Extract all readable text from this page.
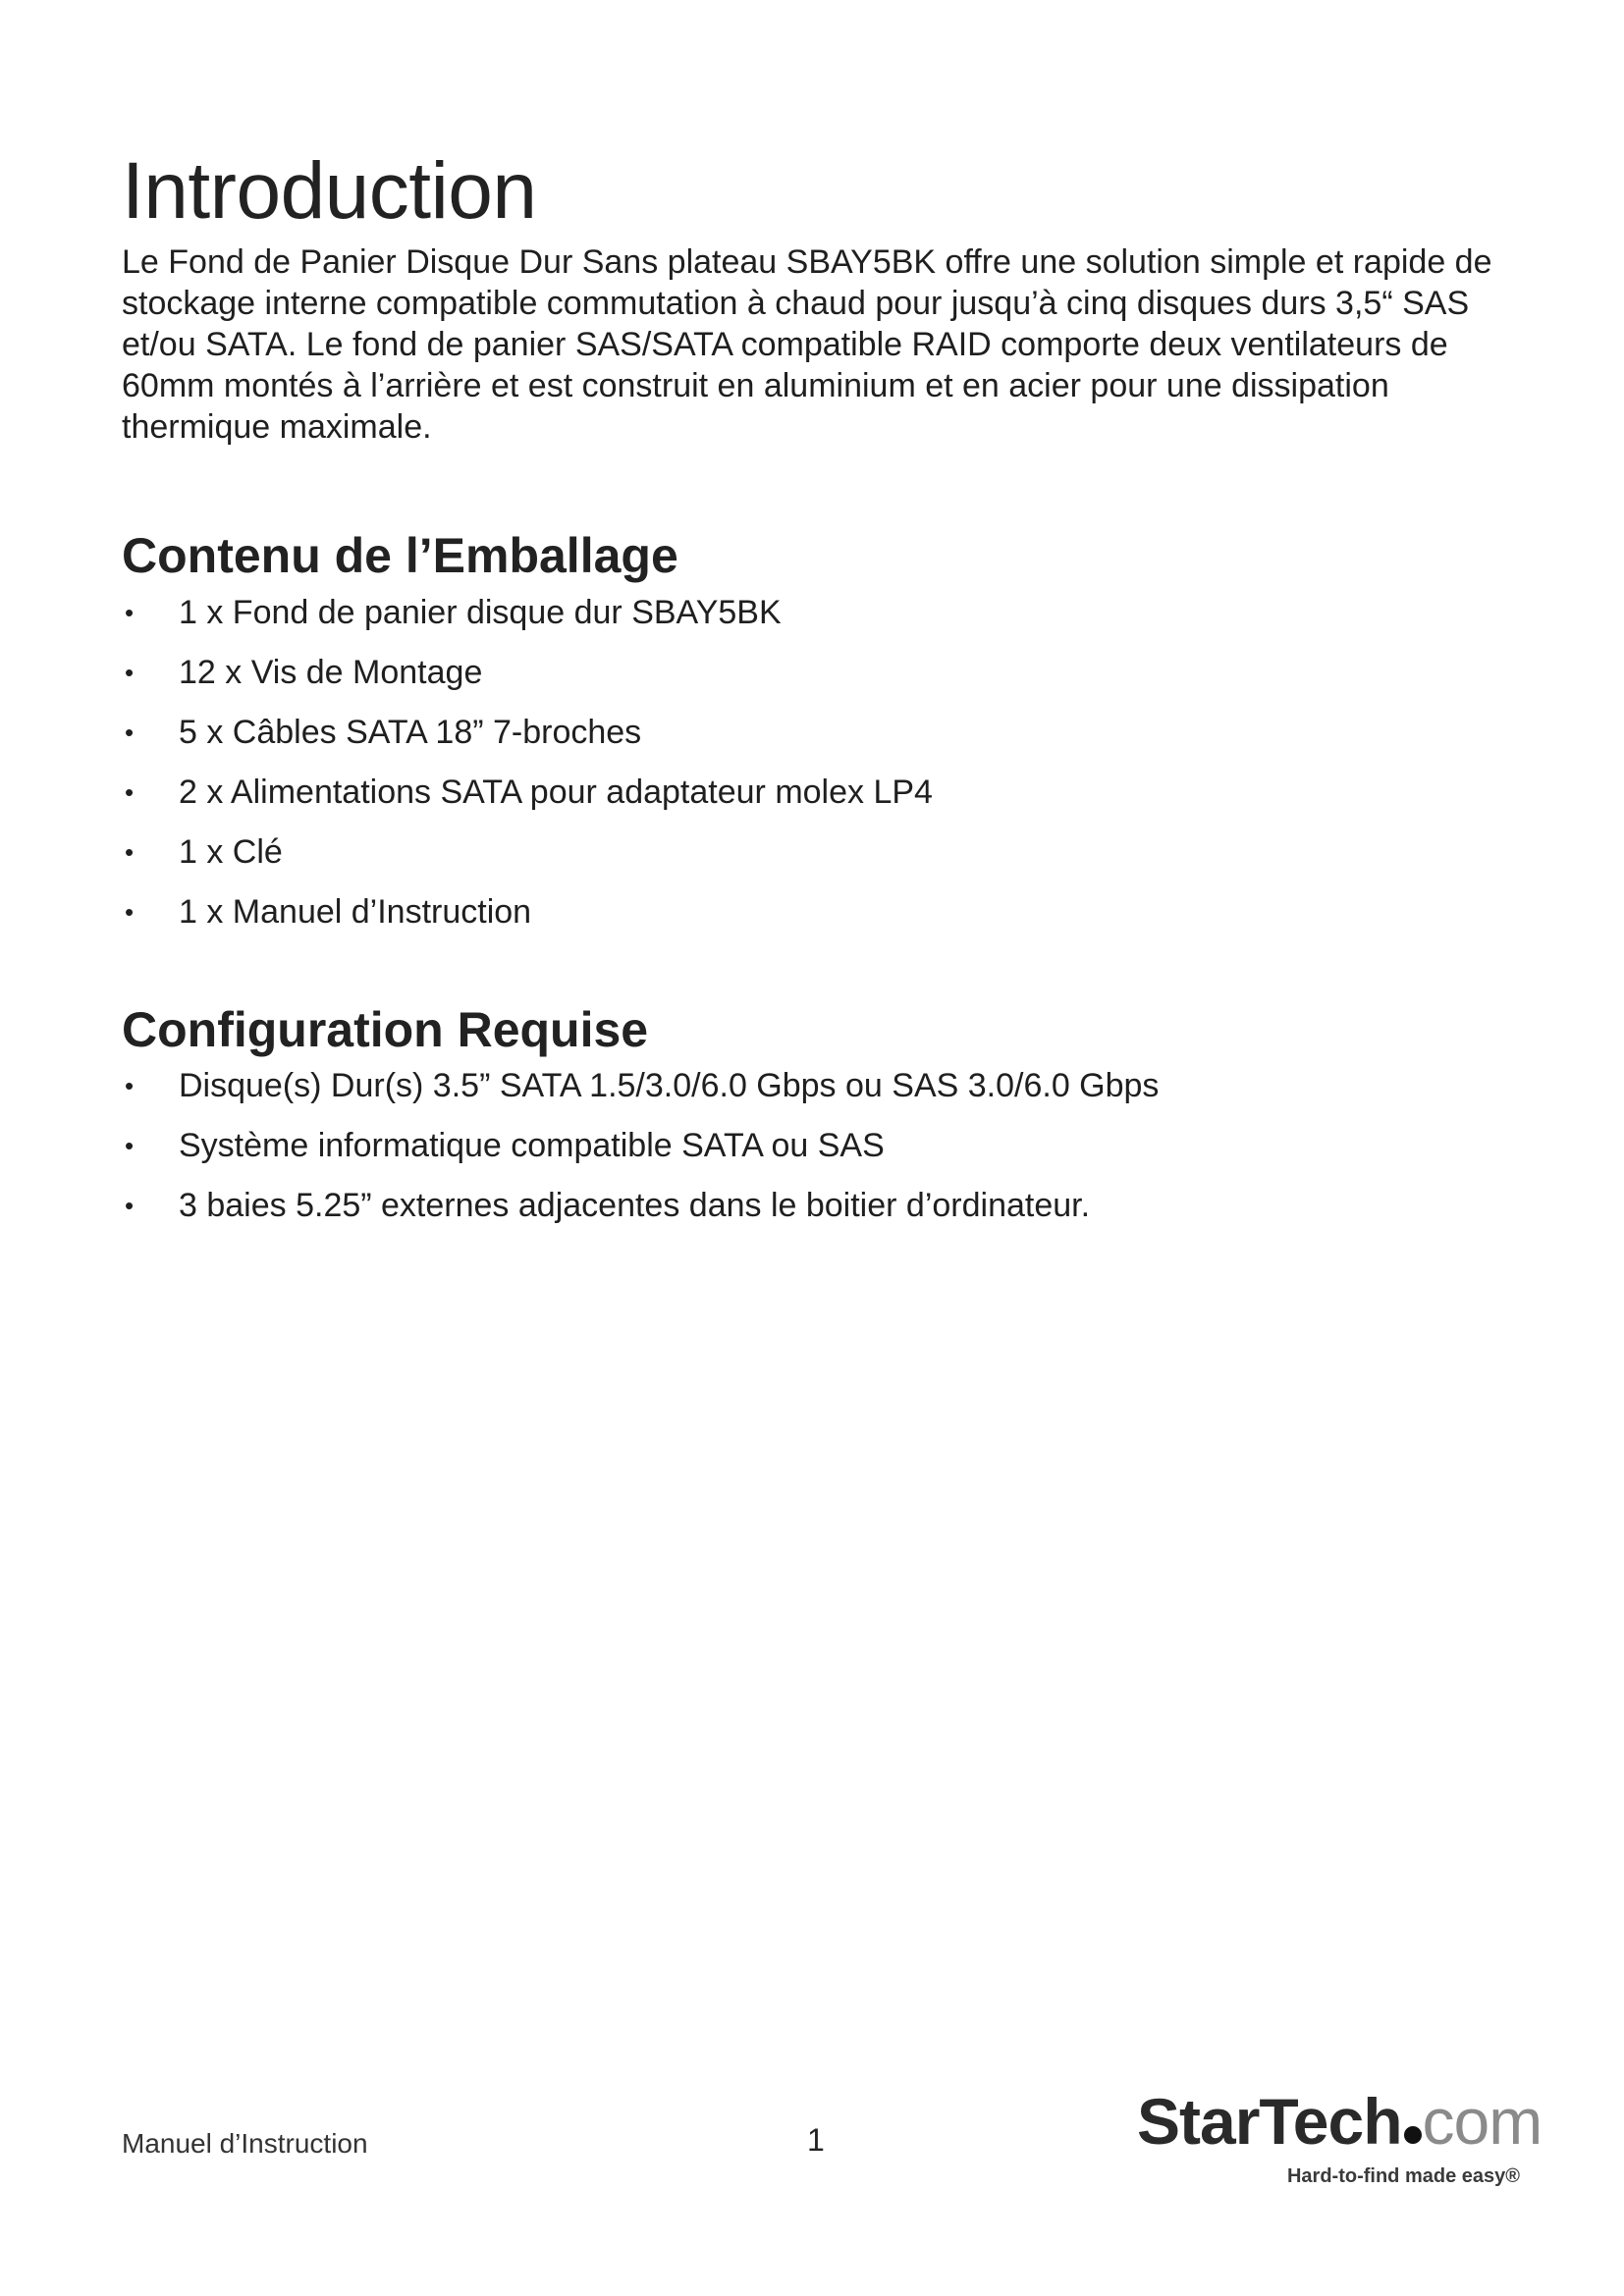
Introduction

Le Fond de Panier Disque Dur Sans plateau SBAY5BK offre une solution simple et rapide de stockage interne compatible commutation à chaud pour jusqu’à cinq disques durs 3,5“ SAS et/ou SATA. Le fond de panier SAS/SATA compatible RAID comporte deux ventilateurs de 60mm montés à l’arrière et est construit en aluminium et en acier pour une dissipation thermique maximale.

Contenu de l’Emballage
• 1 x Fond de panier disque dur SBAY5BK
• 12 x Vis de Montage
• 5 x Câbles SATA 18” 7-broches
• 2 x Alimentations SATA pour adaptateur molex LP4
• 1 x Clé
• 1 x Manuel d’Instruction
Configuration Requise
• Disque(s) Dur(s) 3.5” SATA 1.5/3.0/6.0 Gbps ou SAS 3.0/6.0 Gbps
• Système informatique compatible SATA ou SAS
• 3 baies 5.25” externes adjacentes dans le boitier d’ordinateur.
Manuel d’Instruction	1	StarTech com
Hard-to-find made easy®
